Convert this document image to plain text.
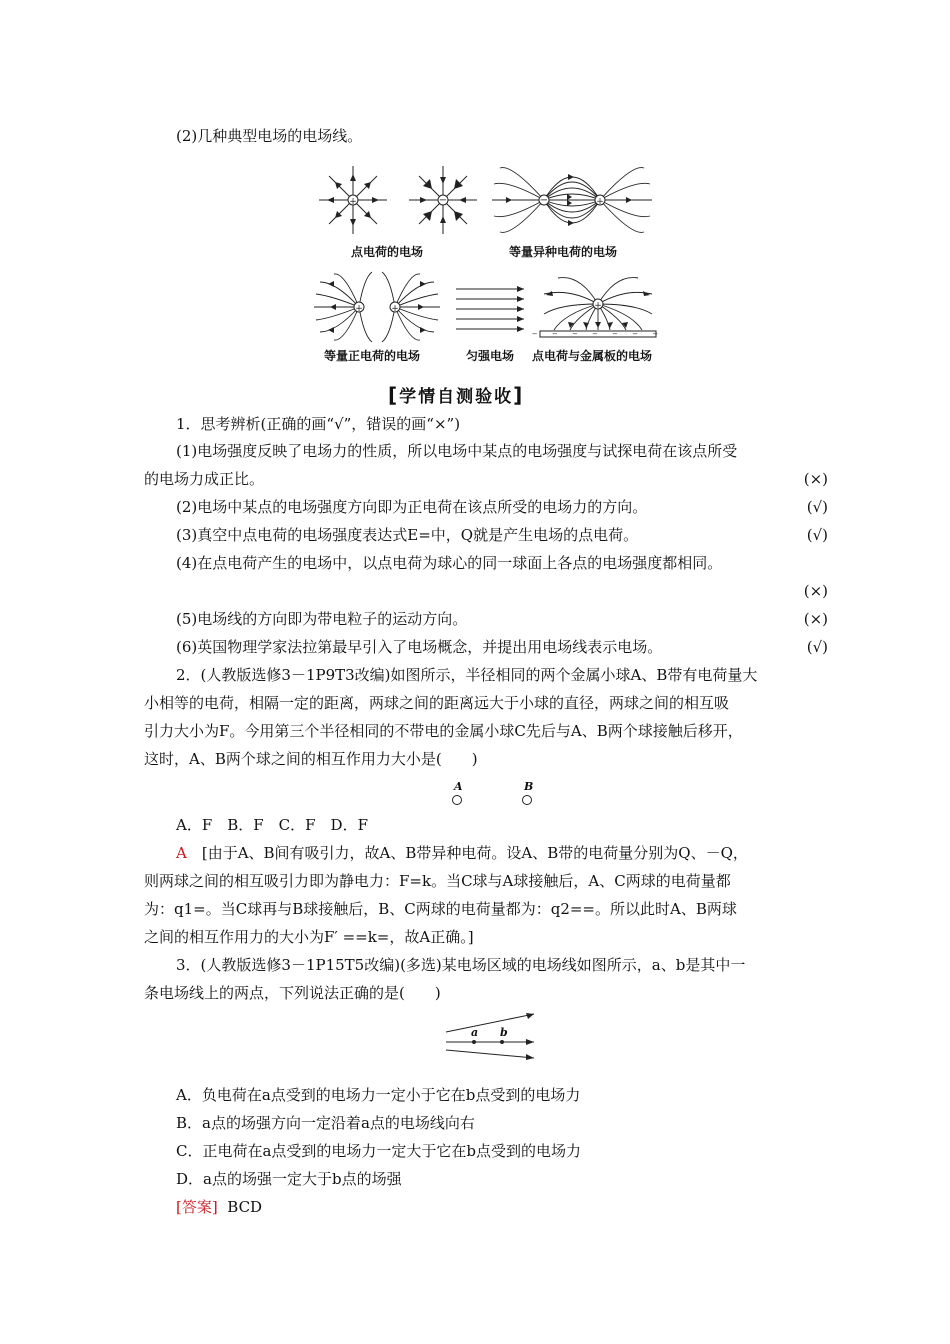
(2)几种典型电场的电场线。
+	−	−	+
点电荷的电场	等量异种电荷的电场
+	+
− − − − − − −
+
等量正电荷的电场	匀强电场 点电荷与金属板的电场
[学情自测验收]
1．思考辨析(正确的画“√”，错误的画“×”)
(1)电场强度反映了电场力的性质，所以电场中某点的电场强度与试探电荷在该点所受
的电场力成正比。	(×)
(2)电场中某点的电场强度方向即为正电荷在该点所受的电场力的方向。	(√)
(3)真空中点电荷的电场强度表达式E=中，Q就是产生电场的点电荷。	(√)
(4)在点电荷产生的电场中，以点电荷为球心的同一球面上各点的电场强度都相同。
(×)
(5)电场线的方向即为带电粒子的运动方向。	(×)
(6)英国物理学家法拉第最早引入了电场概念，并提出用电场线表示电场。	(√)
2．(人教版选修3－1P9T3改编)如图所示，半径相同的两个金属小球A、B带有电荷量大
小相等的电荷，相隔一定的距离，两球之间的距离远大于小球的直径，两球之间的相互吸
引力大小为F。今用第三个半径相同的不带电的金属小球C先后与A、B两个球接触后移开，
这时，A、B两个球之间的相互作用力大小是(　　)
A	B
A．F　B．F　C．F　D．F
A　[由于A、B间有吸引力，故A、B带异种电荷。设A、B带的电荷量分别为Q、－Q，
则两球之间的相互吸引力即为静电力：F=k。当C球与A球接触后，A、C两球的电荷量都
为：q1=。当C球再与B球接触后，B、C两球的电荷量都为：q2==。所以此时A、B两球
之间的相互作用力的大小为F′ ==k=，故A正确。]
3．(人教版选修3－1P15T5改编)(多选)某电场区域的电场线如图所示，a、b是其中一
条电场线上的两点，下列说法正确的是(　　)
a b
A．负电荷在a点受到的电场力一定小于它在b点受到的电场力
B．a点的场强方向一定沿着a点的电场线向右
C．正电荷在a点受到的电场力一定大于它在b点受到的电场力
D．a点的场强一定大于b点的场强
[答案] BCD
